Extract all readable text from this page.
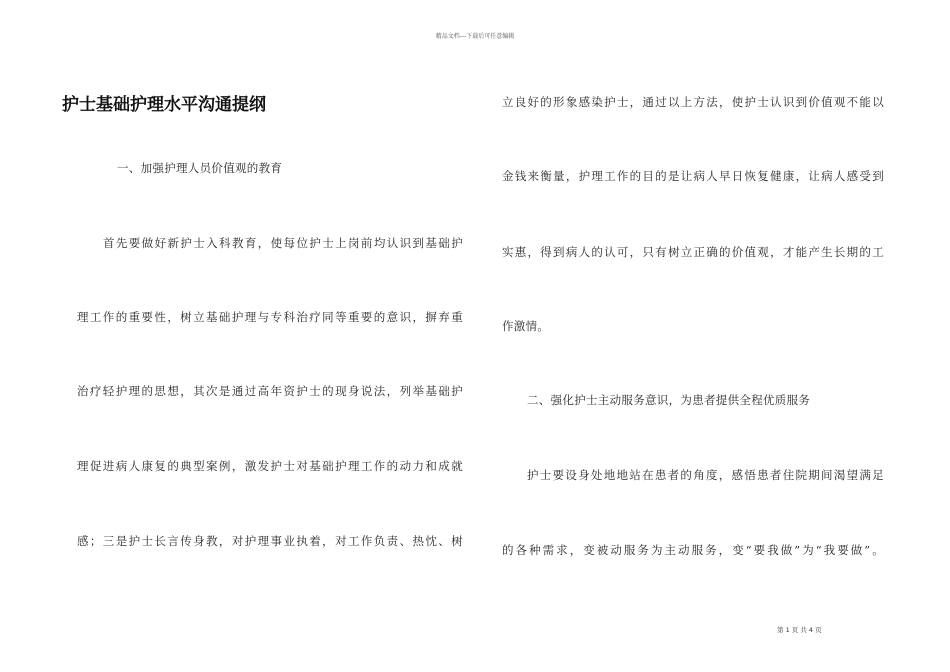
精品文档---下载后可任意编辑
护士基础护理水平沟通提纲
一、加强护理人员价值观的教育
首先要做好新护士入科教育，使每位护士上岗前均认识到基础护
理工作的重要性，树立基础护理与专科治疗同等重要的意识，摒弃重
治疗轻护理的思想，其次是通过高年资护士的现身说法，列举基础护
理促进病人康复的典型案例，激发护士对基础护理工作的动力和成就
感；三是护士长言传身教，对护理事业执着，对工作负责、热忱、树
立良好的形象感染护士，通过以上方法，使护士认识到价值观不能以
金钱来衡量，护理工作的目的是让病人早日恢复健康，让病人感受到
实惠，得到病人的认可，只有树立正确的价值观，才能产生长期的工
作激情。
二、强化护士主动服务意识，为患者提供全程优质服务
护士要设身处地地站在患者的角度，感悟患者住院期间渴望满足
的各种需求，变被动服务为主动服务，变“要我做”为“我要做”。
第 1 页 共 4 页
